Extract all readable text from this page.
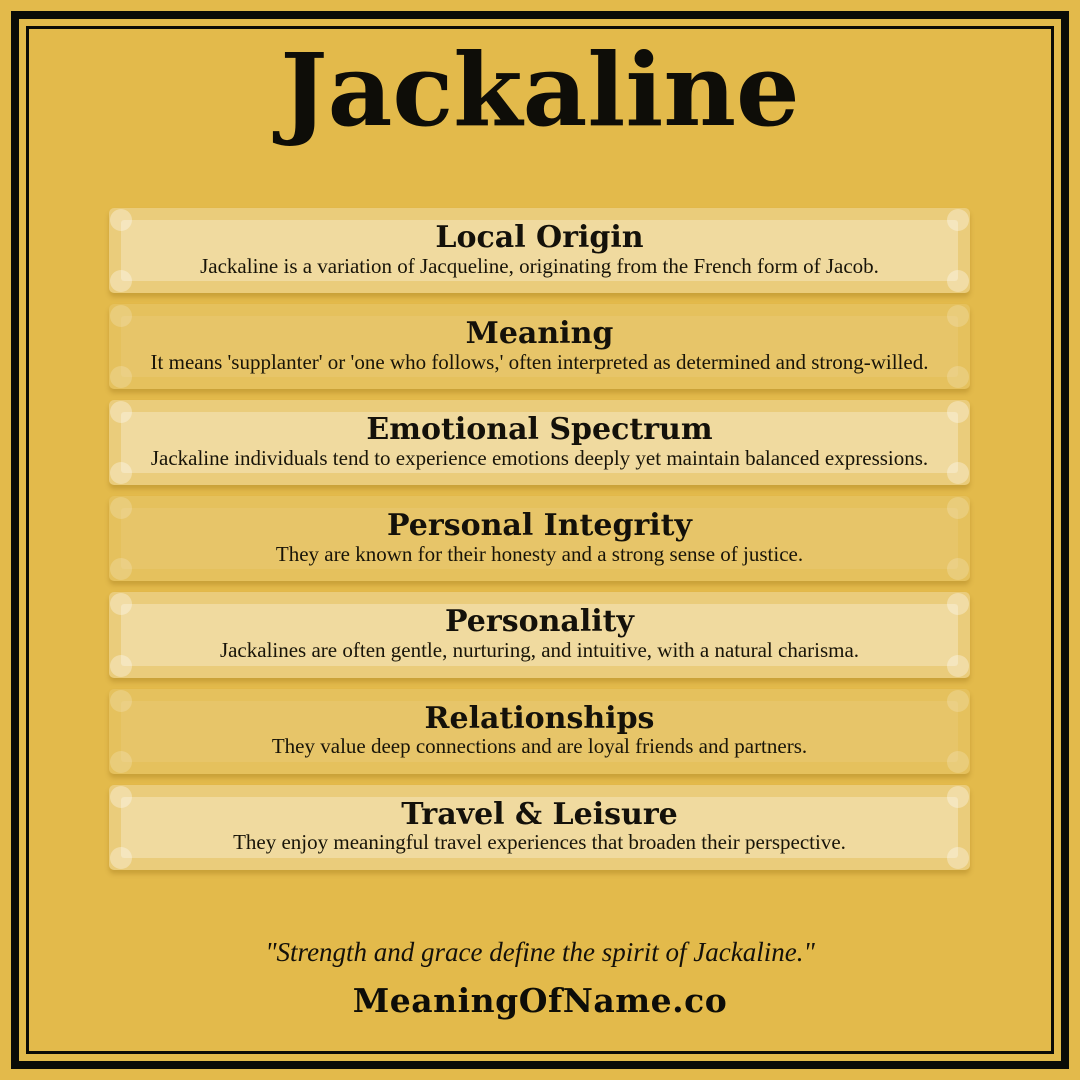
Jackaline
Local Origin

Jackaline is a variation of Jacqueline, originating from the French form of Jacob.

Meaning

It means 'supplanter' or 'one who follows,' often interpreted as determined and strong-willed.

Emotional Spectrum

Jackaline individuals tend to experience emotions deeply yet maintain balanced expressions.

Personal Integrity

They are known for their honesty and a strong sense of justice.

Personality

Jackalines are often gentle, nurturing, and intuitive, with a natural charisma.

Relationships

They value deep connections and are loyal friends and partners.

Travel & Leisure

They enjoy meaningful travel experiences that broaden their perspective.

"Strength and grace define the spirit of Jackaline."

MeaningOfName.co
